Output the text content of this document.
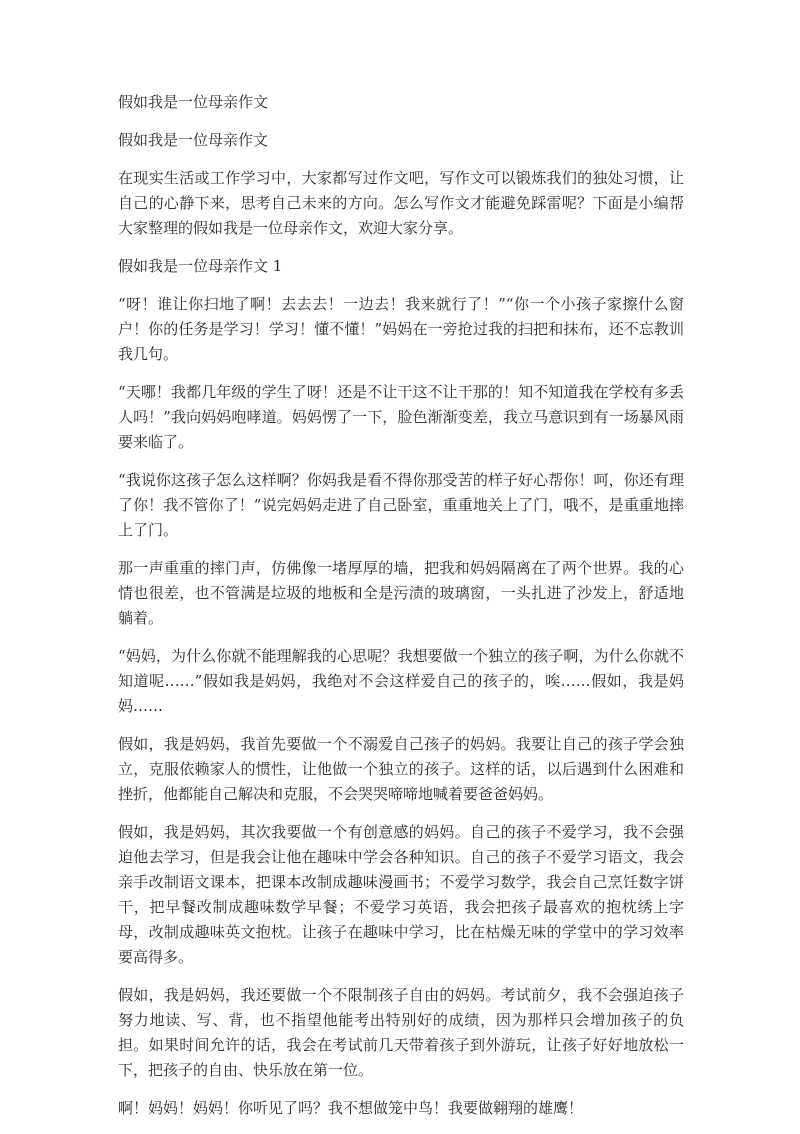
假如我是一位母亲作文

假如我是一位母亲作文

在现实生活或工作学习中，大家都写过作文吧，写作文可以锻炼我们的独处习惯，让自己的心静下来，思考自己未来的方向。怎么写作文才能避免踩雷呢？下面是小编帮大家整理的假如我是一位母亲作文，欢迎大家分享。

假如我是一位母亲作文 1

“呀！谁让你扫地了啊！去去去！一边去！我来就行了！”“你一个小孩子家擦什么窗户！你的任务是学习！学习！懂不懂！”妈妈在一旁抢过我的扫把和抹布，还不忘教训我几句。

“天哪！我都几年级的学生了呀！还是不让干这不让干那的！知不知道我在学校有多丢人吗！”我向妈妈咆哮道。妈妈愣了一下，脸色渐渐变差，我立马意识到有一场暴风雨要来临了。

“我说你这孩子怎么这样啊？你妈我是看不得你那受苦的样子好心帮你！呵，你还有理了你！我不管你了！”说完妈妈走进了自己卧室，重重地关上了门，哦不，是重重地摔上了门。

那一声重重的摔门声，仿佛像一堵厚厚的墙，把我和妈妈隔离在了两个世界。我的心情也很差，也不管满是垃圾的地板和全是污渍的玻璃窗，一头扎进了沙发上，舒适地躺着。

“妈妈，为什么你就不能理解我的心思呢？我想要做一个独立的孩子啊，为什么你就不知道呢……”假如我是妈妈，我绝对不会这样爱自己的孩子的，唉……假如，我是妈妈……

假如，我是妈妈，我首先要做一个不溺爱自己孩子的妈妈。我要让自己的孩子学会独立，克服依赖家人的惯性，让他做一个独立的孩子。这样的话，以后遇到什么困难和挫折，他都能自己解决和克服，不会哭哭啼啼地喊着要爸爸妈妈。

假如，我是妈妈，其次我要做一个有创意感的妈妈。自己的孩子不爱学习，我不会强迫他去学习，但是我会让他在趣味中学会各种知识。自己的孩子不爱学习语文，我会亲手改制语文课本，把课本改制成趣味漫画书；不爱学习数学，我会自己烹饪数字饼干，把早餐改制成趣味数学早餐；不爱学习英语，我会把孩子最喜欢的抱枕绣上字母，改制成趣味英文抱枕。让孩子在趣味中学习，比在枯燥无味的学堂中的学习效率要高得多。

假如，我是妈妈，我还要做一个不限制孩子自由的妈妈。考试前夕，我不会强迫孩子努力地读、写、背，也不指望他能考出特别好的成绩，因为那样只会增加孩子的负担。如果时间允许的话，我会在考试前几天带着孩子到外游玩，让孩子好好地放松一下，把孩子的自由、快乐放在第一位。

啊！妈妈！妈妈！你听见了吗？我不想做笼中鸟！我要做翱翔的雄鹰！
